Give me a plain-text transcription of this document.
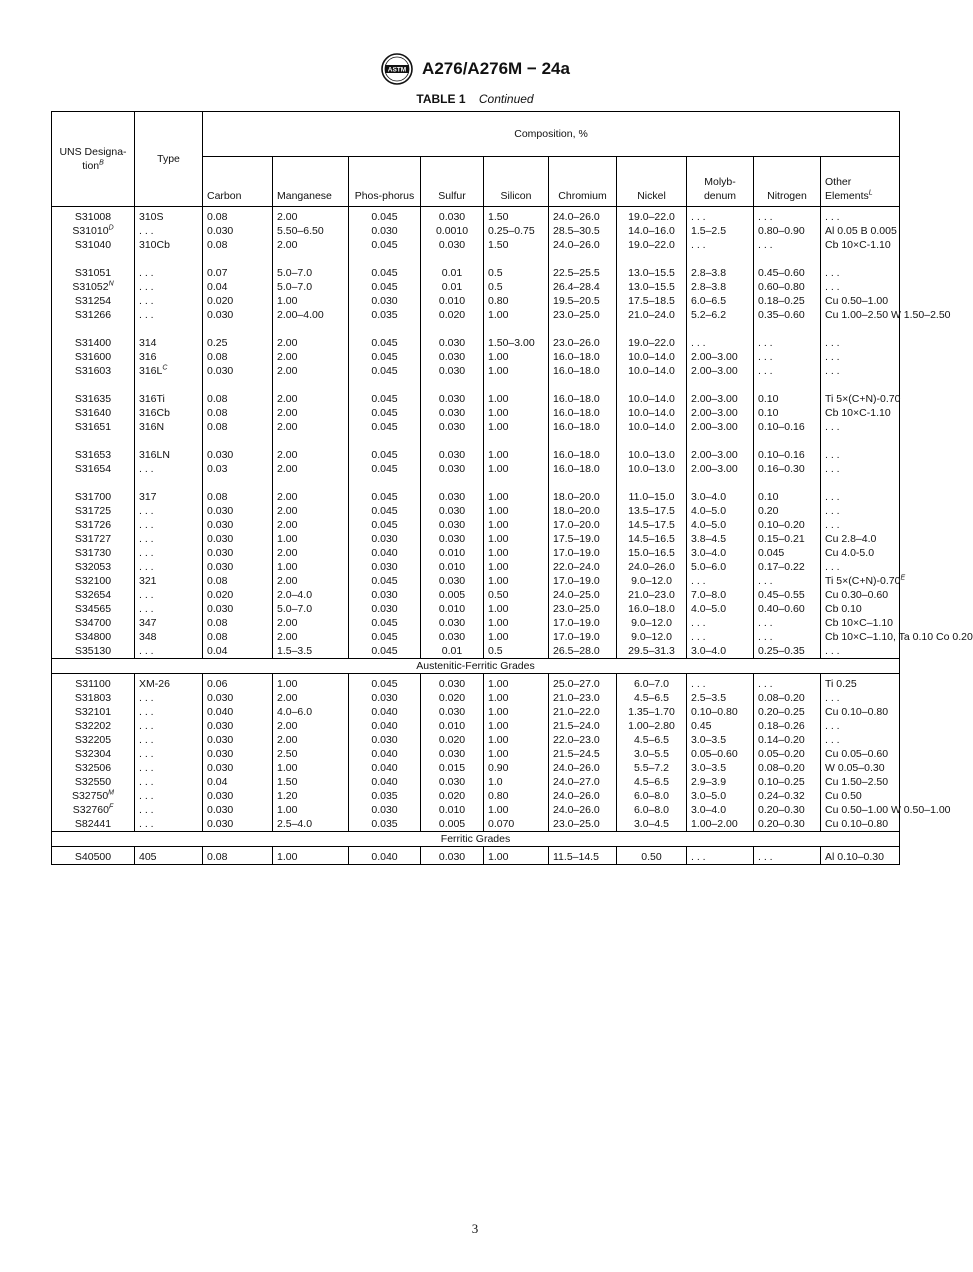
ASTM A276/A276M − 24a
TABLE 1 Continued
UNS Designa-tion$^B$	Type	Composition, %									
		Carbon	Manganese	Phos-phorus	Sulfur	Silicon	Chromium	Nickel	Molyb-denum	Nitrogen	Other Elements$^L$
S31008	310S	0.08	2.00	0.045	0.030	1.50	24.0–26.0	19.0–22.0	. . .	. . .	. . .
$S31010^D$	. . .	0.030	5.50–6.50	0.030	0.0010	0.25–0.75	28.5–30.5	14.0–16.0	1.5–2.5	0.80–0.90	Al 0.05 B 0.005
S31040	310Cb	0.08	2.00	0.045	0.030	1.50	24.0–26.0	19.0–22.0	. . .	. . .	Cb 10×C-1.10
S31051	. . .	0.07	5.0–7.0	0.045	0.01	0.5	22.5–25.5	13.0–15.5	2.8–3.8	0.45–0.60	. . .
$S31052^N$	. . .	0.04	5.0–7.0	0.045	0.01	0.5	26.4–28.4	13.0–15.5	2.8–3.8	0.60–0.80	. . .
S31254	. . .	0.020	1.00	0.030	0.010	0.80	19.5–20.5	17.5–18.5	6.0–6.5	0.18–0.25	Cu 0.50–1.00
S31266	. . .	0.030	2.00–4.00	0.035	0.020	1.00	23.0–25.0	21.0–24.0	5.2–6.2	0.35–0.60	Cu 1.00–2.50 W 1.50–2.50
S31400	314	0.25	2.00	0.045	0.030	1.50–3.00	23.0–26.0	19.0–22.0	. . .	. . .	. . .
S31600	316	0.08	2.00	0.045	0.030	1.00	16.0–18.0	10.0–14.0	2.00–3.00	. . .	. . .
S31603	$316L^C$	0.030	2.00	0.045	0.030	1.00	16.0–18.0	10.0–14.0	2.00–3.00	. . .	. . .
S31635	316Ti	0.08	2.00	0.045	0.030	1.00	16.0–18.0	10.0–14.0	2.00–3.00	0.10	Ti 5×(C+N)-0.70
S31640	316Cb	0.08	2.00	0.045	0.030	1.00	16.0–18.0	10.0–14.0	2.00–3.00	0.10	Cb 10×C-1.10
S31651	316N	0.08	2.00	0.045	0.030	1.00	16.0–18.0	10.0–14.0	2.00–3.00	0.10–0.16	. . .
S31653	316LN	0.030	2.00	0.045	0.030	1.00	16.0–18.0	10.0–13.0	2.00–3.00	0.10–0.16	. . .
S31654	. . .	0.03	2.00	0.045	0.030	1.00	16.0–18.0	10.0–13.0	2.00–3.00	0.16–0.30	. . .
S31700	317	0.08	2.00	0.045	0.030	1.00	18.0–20.0	11.0–15.0	3.0–4.0	0.10	. . .
S31725	. . .	0.030	2.00	0.045	0.030	1.00	18.0–20.0	13.5–17.5	4.0–5.0	0.20	. . .
S31726	. . .	0.030	2.00	0.045	0.030	1.00	17.0–20.0	14.5–17.5	4.0–5.0	0.10–0.20	. . .
S31727	. . .	0.030	1.00	0.030	0.030	1.00	17.5–19.0	14.5–16.5	3.8–4.5	0.15–0.21	Cu 2.8–4.0
S31730	. . .	0.030	2.00	0.040	0.010	1.00	17.0–19.0	15.0–16.5	3.0–4.0	0.045	Cu 4.0-5.0
S32053	. . .	0.030	1.00	0.030	0.010	1.00	22.0–24.0	24.0–26.0	5.0–6.0	0.17–0.22	. . .
S32100	321	0.08	2.00	0.045	0.030	1.00	17.0–19.0	9.0–12.0	. . .	. . .	Ti $5\times(C+N)-0.70^E$
S32654	. . .	0.020	2.0–4.0	0.030	0.005	0.50	24.0–25.0	21.0–23.0	7.0–8.0	0.45–0.55	Cu 0.30–0.60
S34565	. . .	0.030	5.0–7.0	0.030	0.010	1.00	23.0–25.0	16.0–18.0	4.0–5.0	0.40–0.60	Cb 0.10
S34700	347	0.08	2.00	0.045	0.030	1.00	17.0–19.0	9.0–12.0	. . .	. . .	Cb 10×C–1.10
S34800	348	0.08	2.00	0.045	0.030	1.00	17.0–19.0	9.0–12.0	. . .	. . .	Cb 10×C–1.10, Ta 0.10 Co 0.20
S35130	. . .	0.04	1.5–3.5	0.045	0.01	0.5	26.5–28.0	29.5–31.3	3.0–4.0	0.25–0.35	. . .
Austenitic-Ferritic Grades											
S31100	XM-26	0.06	1.00	0.045	0.030	1.00	25.0–27.0	6.0–7.0	. . .	. . .	Ti 0.25
S31803	. . .	0.030	2.00	0.030	0.020	1.00	21.0–23.0	4.5–6.5	2.5–3.5	0.08–0.20	. . .
S32101	. . .	0.040	4.0–6.0	0.040	0.030	1.00	21.0–22.0	1.35–1.70	0.10–0.80	0.20–0.25	Cu 0.10–0.80
S32202	. . .	0.030	2.00	0.040	0.010	1.00	21.5–24.0	1.00–2.80	0.45	0.18–0.26	. . .
S32205	. . .	0.030	2.00	0.030	0.020	1.00	22.0–23.0	4.5–6.5	3.0–3.5	0.14–0.20	. . .
S32304	. . .	0.030	2.50	0.040	0.030	1.00	21.5–24.5	3.0–5.5	0.05–0.60	0.05–0.20	Cu 0.05–0.60
S32506	. . .	0.030	1.00	0.040	0.015	0.90	24.0–26.0	5.5–7.2	3.0–3.5	0.08–0.20	W 0.05–0.30
S32550	. . .	0.04	1.50	0.040	0.030	1.0	24.0–27.0	4.5–6.5	2.9–3.9	0.10–0.25	Cu 1.50–2.50
$S32750^M$	. . .	0.030	1.20	0.035	0.020	0.80	24.0–26.0	6.0–8.0	3.0–5.0	0.24–0.32	Cu 0.50
$S32760^F$	. . .	0.030	1.00	0.030	0.010	1.00	24.0–26.0	6.0–8.0	3.0–4.0	0.20–0.30	Cu 0.50–1.00 W 0.50–1.00
S82441	. . .	0.030	2.5–4.0	0.035	0.005	0.070	23.0–25.0	3.0–4.5	1.00–2.00	0.20–0.30	Cu 0.10–0.80
Ferritic Grades											
S40500	405	0.08	1.00	0.040	0.030	1.00	11.5–14.5	0.50	. . .	. . .	Al 0.10–0.30
3
